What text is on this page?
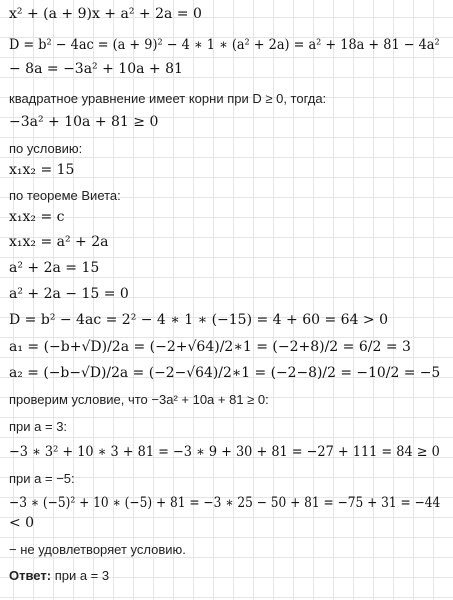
x² + (a + 9)x + a² + 2a = 0
D = b² − 4ac = (a + 9)² − 4 ∗ 1 ∗ (a² + 2a) = a² + 18a + 81 − 4a²
− 8a = −3a² + 10a + 81
квадратное уравнение имеет корни при D ≥ 0, тогда:
−3a² + 10a + 81 ≥ 0
по условию:
x₁x₂ = 15
по теореме Виета:
x₁x₂ = c
x₁x₂ = a² + 2a
a² + 2a = 15
a² + 2a − 15 = 0
D = b² − 4ac = 2² − 4 ∗ 1 ∗ (−15) = 4 + 60 = 64 > 0
a₁ = (−b+√D)/2a = (−2+√64)/2∗1 = (−2+8)/2 = 6/2 = 3
a₂ = (−b−√D)/2a = (−2−√64)/2∗1 = (−2−8)/2 = −10/2 = −5
проверим условие, что −3a² + 10a + 81 ≥ 0:
при a = 3:
−3 ∗ 3² + 10 ∗ 3 + 81 = −3 ∗ 9 + 30 + 81 = −27 + 111 = 84 ≥ 0
при a = −5:
−3 ∗ (−5)² + 10 ∗ (−5) + 81 = −3 ∗ 25 − 50 + 81 = −75 + 31 = −44
< 0
− не удовлетворяет условию.
Ответ: при a = 3
